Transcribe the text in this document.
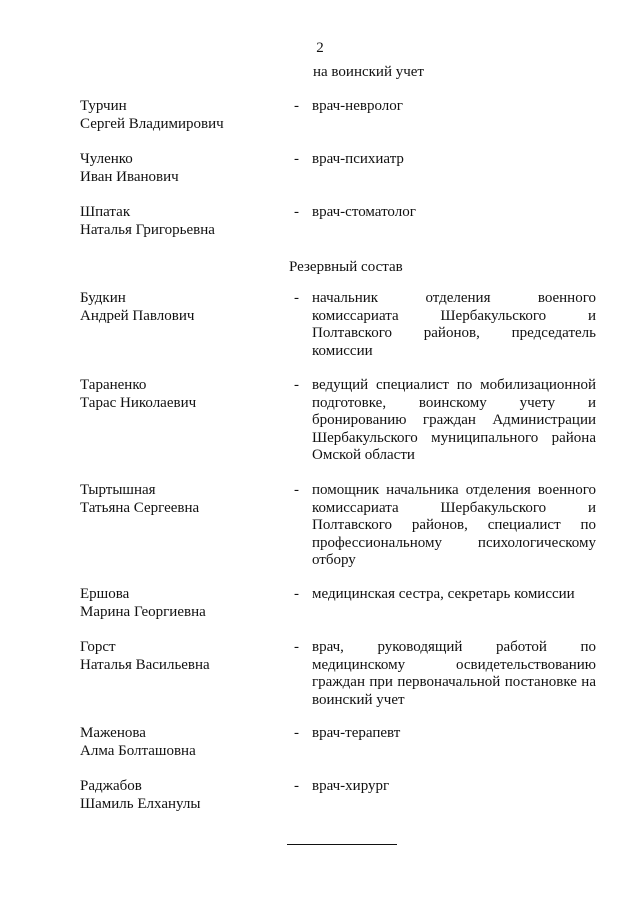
2
на воинский учет
Турчин
Сергей Владимирович
- врач-невролог
Чуленко
Иван Иванович
- врач-психиатр
Шпатак
Наталья Григорьевна
- врач-стоматолог
Резервный состав
Будкин
Андрей Павлович
- начальник отделения военного комиссариата Шербакульского и Полтавского районов, председатель комиссии
Тараненко
Тарас Николаевич
- ведущий специалист по мобилизационной подготовке, воинскому учету и бронированию граждан Администрации Шербакульского муниципального района Омской области
Тыртышная
Татьяна Сергеевна
- помощник начальника отделения военного комиссариата Шербакульского и Полтавского районов, специалист по профессиональному психологическому отбору
Ершова
Марина Георгиевна
- медицинская сестра, секретарь комиссии
Горст
Наталья Васильевна
- врач, руководящий работой по медицинскому освидетельствованию граждан при первоначальной постановке на воинский учет
Маженова
Алма Болташовна
- врач-терапевт
Раджабов
Шамиль Елханулы
- врач-хирург
